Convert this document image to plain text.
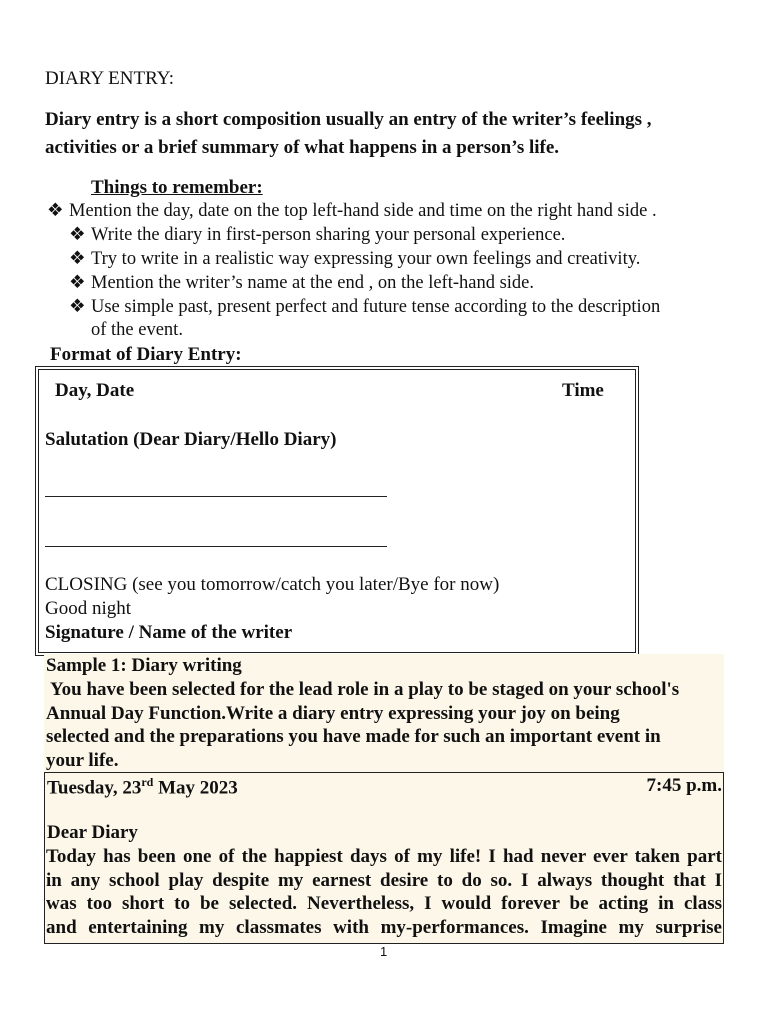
DIARY ENTRY:
Diary entry is a short composition usually an entry of the writer’s feelings ,
activities or a brief summary of what happens in a person’s life.
Things to remember:
❖ Mention the day, date on the top left-hand side and time on the right hand side .
❖ Write the diary in first-person sharing your personal experience.
❖ Try to write in a realistic way expressing your own feelings and creativity.
❖ Mention the writer’s name at the end , on the left-hand side.
❖ Use simple past, present perfect and future tense according to the description
of the event.
Format of Diary Entry:
Day, Date	Time
Salutation (Dear Diary/Hello Diary)
CLOSING (see you tomorrow/catch you later/Bye for now)
Good night
Signature / Name of the writer
Sample 1: Diary writing
You have been selected for the lead role in a play to be staged on your school's
Annual Day Function.Write a diary entry expressing your joy on being
selected and the preparations you have made for such an important event in
your life.
Tuesday, 23rd May 2023	7:45 p.m.
Dear Diary
Today has been one of the happiest days of my life! I had never ever taken part
in any school play despite my earnest desire to do so. I always thought that I
was too short to be selected. Nevertheless, I would forever be acting in class
and entertaining my classmates with my-performances. Imagine my surprise
1
